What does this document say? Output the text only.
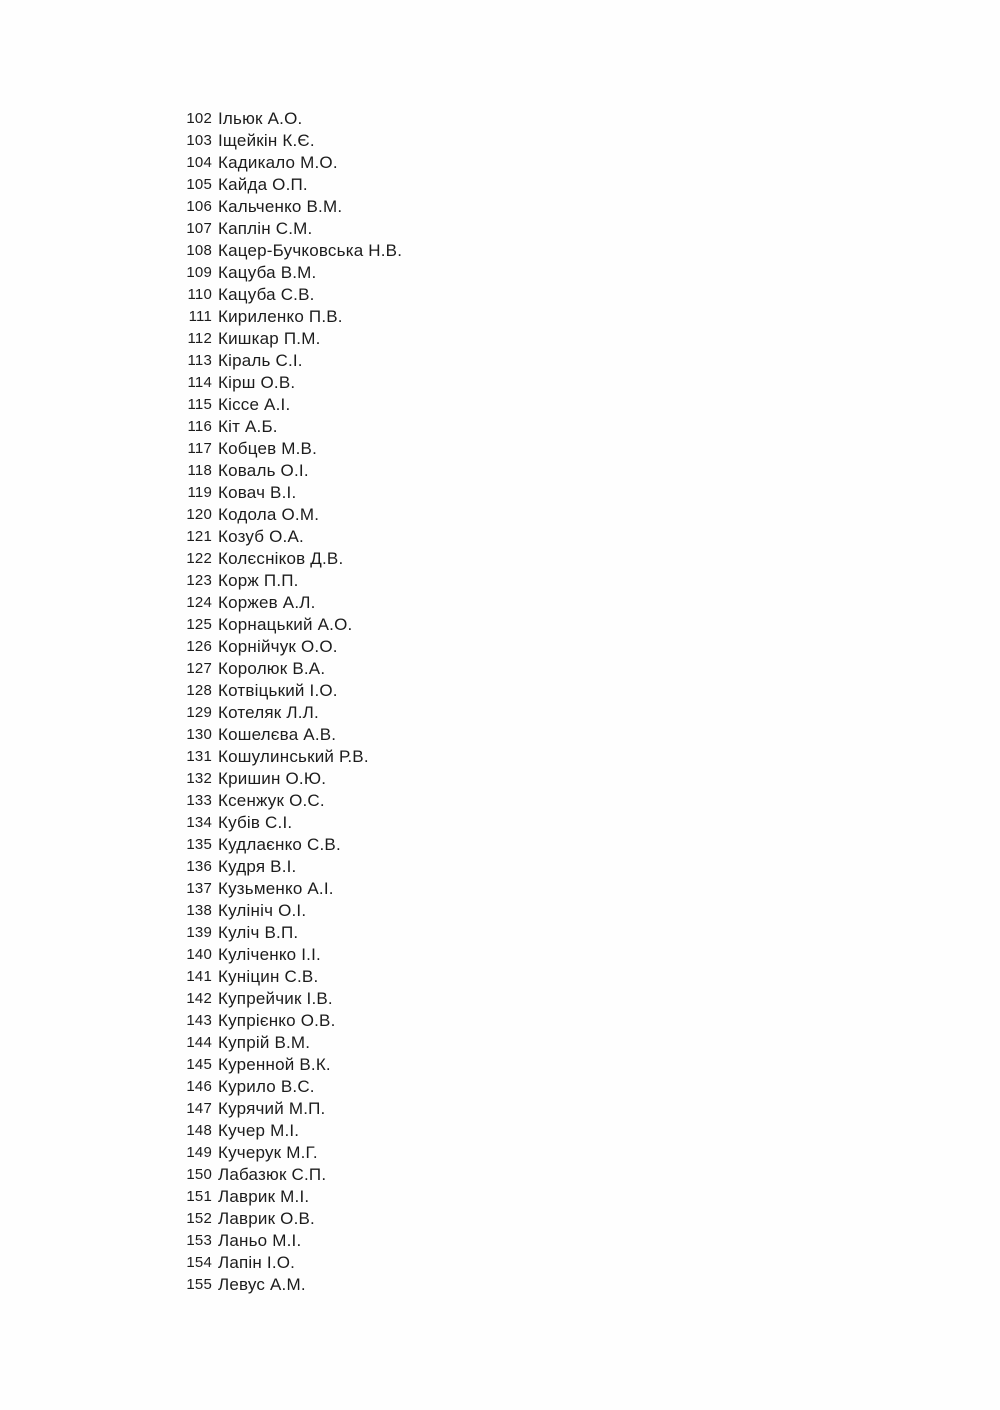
102 Ільюк А.О.
103 Іщейкін К.Є.
104 Кадикало М.О.
105 Кайда О.П.
106 Кальченко В.М.
107 Каплін С.М.
108 Кацер-Бучковська Н.В.
109 Кацуба В.М.
110 Кацуба С.В.
111 Кириленко П.В.
112 Кишкар П.М.
113 Кіраль С.І.
114 Кірш О.В.
115 Кіссе А.І.
116 Кіт А.Б.
117 Кобцев М.В.
118 Коваль О.І.
119 Ковач В.І.
120 Кодола О.М.
121 Козуб О.А.
122 Колєсніков Д.В.
123 Корж П.П.
124 Коржев А.Л.
125 Корнацький А.О.
126 Корнійчук О.О.
127 Королюк В.А.
128 Котвіцький І.О.
129 Котеляк Л.Л.
130 Кошелєва А.В.
131 Кошулинський Р.В.
132 Кришин О.Ю.
133 Ксенжук О.С.
134 Кубів С.І.
135 Кудлаєнко С.В.
136 Кудря В.І.
137 Кузьменко А.І.
138 Кулініч О.І.
139 Куліч В.П.
140 Куліченко І.І.
141 Куніцин С.В.
142 Купрейчик І.В.
143 Купрієнко О.В.
144 Купрій В.М.
145 Куренной В.К.
146 Курило В.С.
147 Курячий М.П.
148 Кучер М.І.
149 Кучерук М.Г.
150 Лабазюк С.П.
151 Лаврик М.І.
152 Лаврик О.В.
153 Ланьо М.І.
154 Лапін І.О.
155 Левус А.М.
